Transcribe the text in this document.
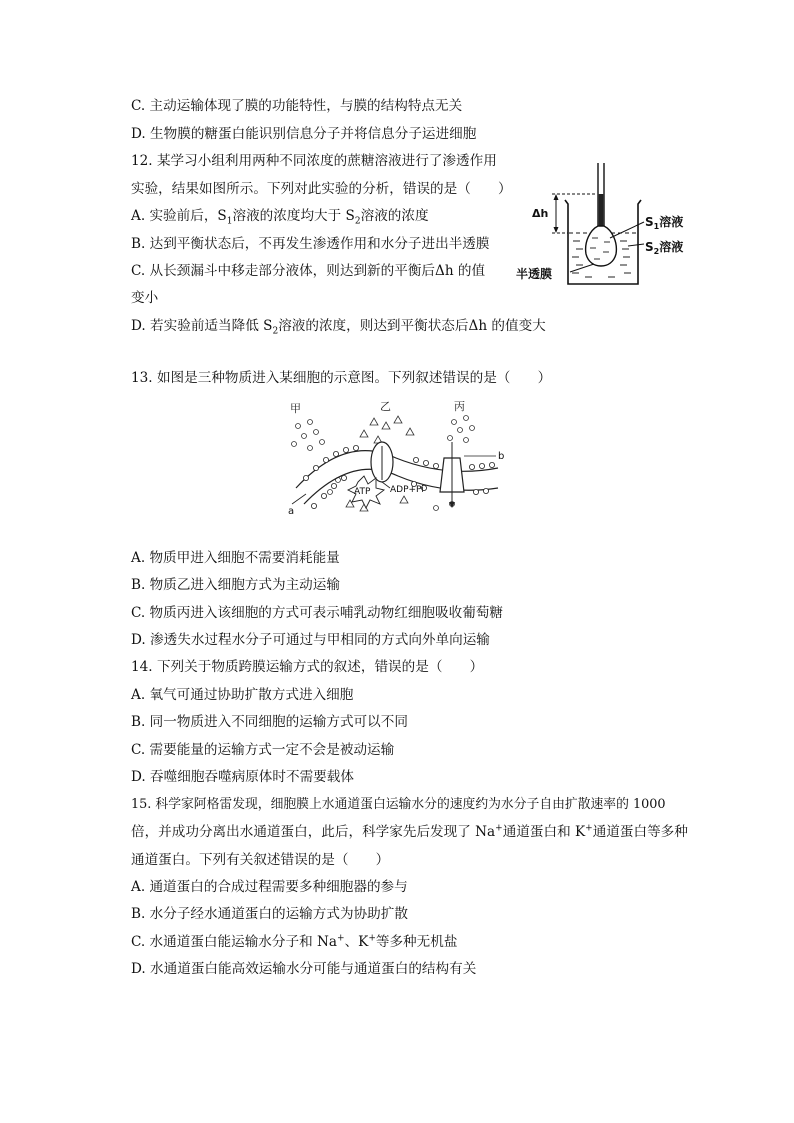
C. 主动运输体现了膜的功能特性，与膜的结构特点无关
D. 生物膜的糖蛋白能识别信息分子并将信息分子运进细胞
12. 某学习小组利用两种不同浓度的蔗糖溶液进行了渗透作用
实验，结果如图所示。下列对此实验的分析，错误的是（　　）
A. 实验前后，$S_1$溶液的浓度均大于 $S_2$溶液的浓度
B. 达到平衡状态后，不再发生渗透作用和水分子进出半透膜
C. 从长颈漏斗中移走部分液体，则达到新的平衡后Δh 的值
变小
D. 若实验前适当降低 $S_2$溶液的浓度，则达到平衡状态后Δh 的值变大
Δh
$S_1$溶液
$S_2$溶液
半透膜
13. 如图是三种物质进入某细胞的示意图。下列叙述错误的是（　　）
甲	乙	丙
ATP ADP+Pi
a
b
A. 物质甲进入细胞不需要消耗能量
B. 物质乙进入细胞方式为主动运输
C. 物质丙进入该细胞的方式可表示哺乳动物红细胞吸收葡萄糖
D. 渗透失水过程水分子可通过与甲相同的方式向外单向运输
14. 下列关于物质跨膜运输方式的叙述，错误的是（　　）
A. 氧气可通过协助扩散方式进入细胞
B. 同一物质进入不同细胞的运输方式可以不同
C. 需要能量的运输方式一定不会是被动运输
D. 吞噬细胞吞噬病原体时不需要载体
15. 科学家阿格雷发现，细胞膜上水通道蛋白运输水分的速度约为水分子自由扩散速率的 1000
倍，并成功分离出水通道蛋白，此后，科学家先后发现了 Na+通道蛋白和 K+通道蛋白等多种
通道蛋白。下列有关叙述错误的是（　　）
A. 通道蛋白的合成过程需要多种细胞器的参与
B. 水分子经水通道蛋白的运输方式为协助扩散
C. 水通道蛋白能运输水分子和 Na+、K+等多种无机盐
D. 水通道蛋白能高效运输水分可能与通道蛋白的结构有关
